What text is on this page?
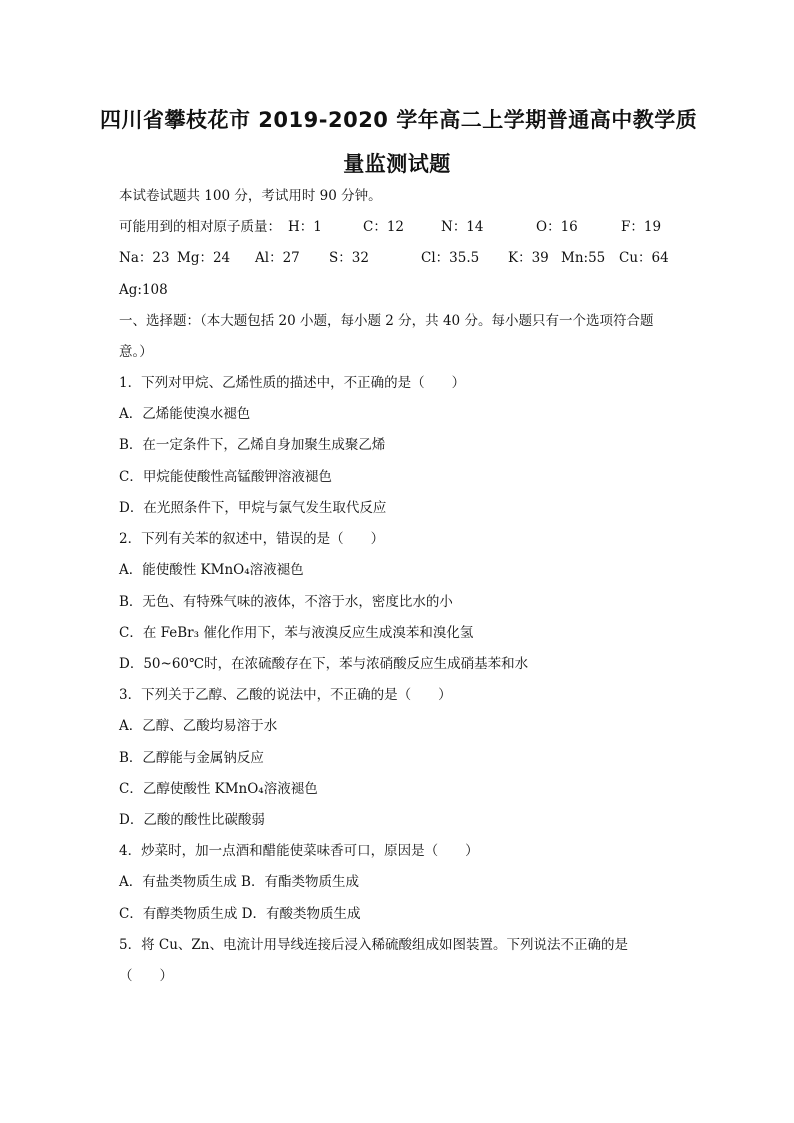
四川省攀枝花市 2019-2020 学年高二上学期普通高中教学质
量监测试题
本试卷试题共 100 分，考试用时 90 分钟。
可能用到的相对原子质量： H：1	C：12	N：14	O：16	F：19
Na：23 Mg：24 Al：27 S：32	Cl：35.5 K：39 Mn:55 Cu：64
Ag:108
一、选择题：（本大题包括 20 小题，每小题 2 分，共 40 分。每小题只有一个选项符合题
意。）
1．下列对甲烷、乙烯性质的描述中，不正确的是（　　）
A．乙烯能使溴水褪色
B．在一定条件下，乙烯自身加聚生成聚乙烯
C．甲烷能使酸性高锰酸钾溶液褪色
D．在光照条件下，甲烷与氯气发生取代反应
2．下列有关苯的叙述中，错误的是（　　）
A．能使酸性 KMnO₄溶液褪色
B．无色、有特殊气味的液体，不溶于水，密度比水的小
C．在 FeBr₃ 催化作用下，苯与液溴反应生成溴苯和溴化氢
D．50~60℃时，在浓硫酸存在下，苯与浓硝酸反应生成硝基苯和水
3．下列关于乙醇、乙酸的说法中，不正确的是（　　）
A．乙醇、乙酸均易溶于水
B．乙醇能与金属钠反应
C．乙醇使酸性 KMnO₄溶液褪色
D．乙酸的酸性比碳酸弱
4．炒菜时，加一点酒和醋能使菜味香可口，原因是（　　）
A．有盐类物质生成 B．有酯类物质生成
C．有醇类物质生成 D．有酸类物质生成
5．将 Cu、Zn、电流计用导线连接后浸入稀硫酸组成如图装置。下列说法不正确的是
（　　）
